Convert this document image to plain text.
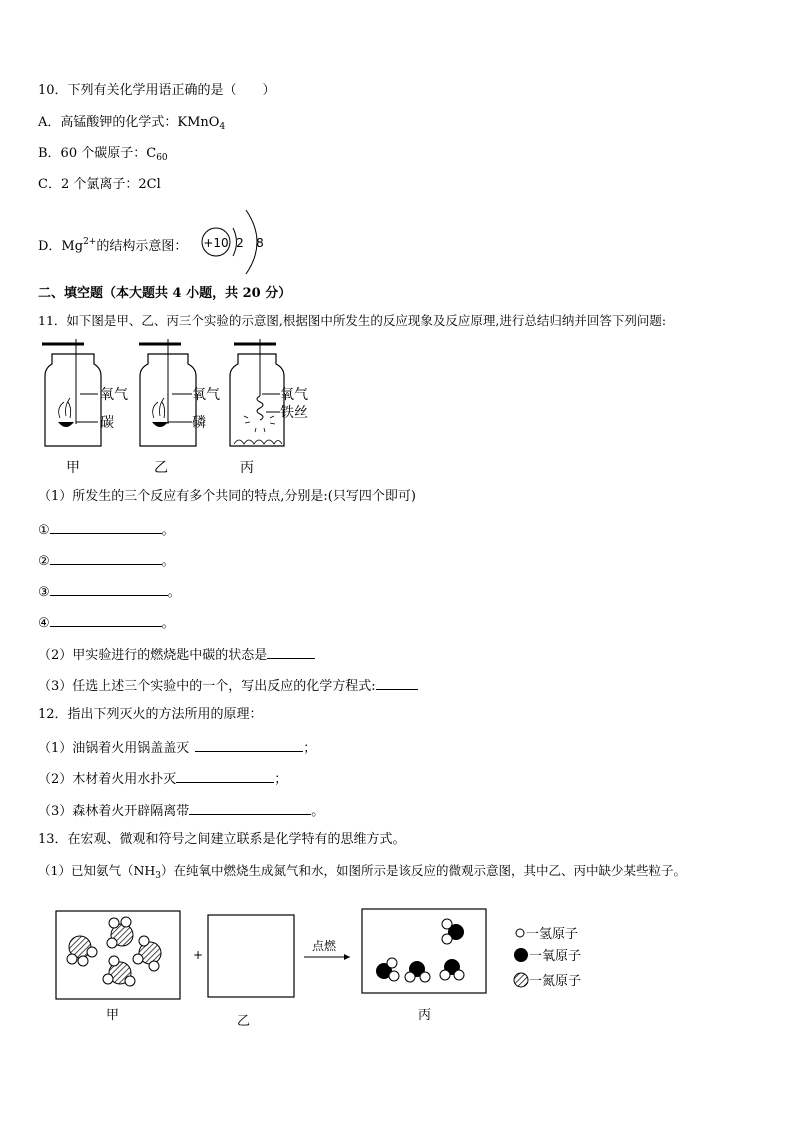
10．下列有关化学用语正确的是（　　）
A．高锰酸钾的化学式：KMnO$_4$
B．60 个碳原子：$C_{60}$
C．2 个氯离子：2Cl
D．$Mg^{2+}$的结构示意图： +10 2 8
二、填空题（本大题共 4 小题，共 20 分）
11．如下图是甲、乙、丙三个实验的示意图,根据图中所发生的反应现象及反应原理,进行总结归纳并回答下列问题:
氧气
碳
甲
氧气
磷
乙
氧气
铁丝
丙
（1）所发生的三个反应有多个共同的特点,分别是:(只写四个即可)
①	。
②	。
③	。
④	。
（2）甲实验进行的燃烧匙中碳的状态是
（3）任选上述三个实验中的一个，写出反应的化学方程式:
12．指出下列灭火的方法所用的原理：
（1）油锅着火用锅盖盖灭	；
（2）木材着火用水扑灭	；
（3）森林着火开辟隔离带	。
13．在宏观、微观和符号之间建立联系是化学特有的思维方式。
（1）已知氨气$(NH_3)$在纯氧中燃烧生成氮气和水，如图所示是该反应的微观示意图，其中乙、丙中缺少某些粒子。
甲
+
乙
点燃
丙
一氢原子
一氧原子
一氮原子
